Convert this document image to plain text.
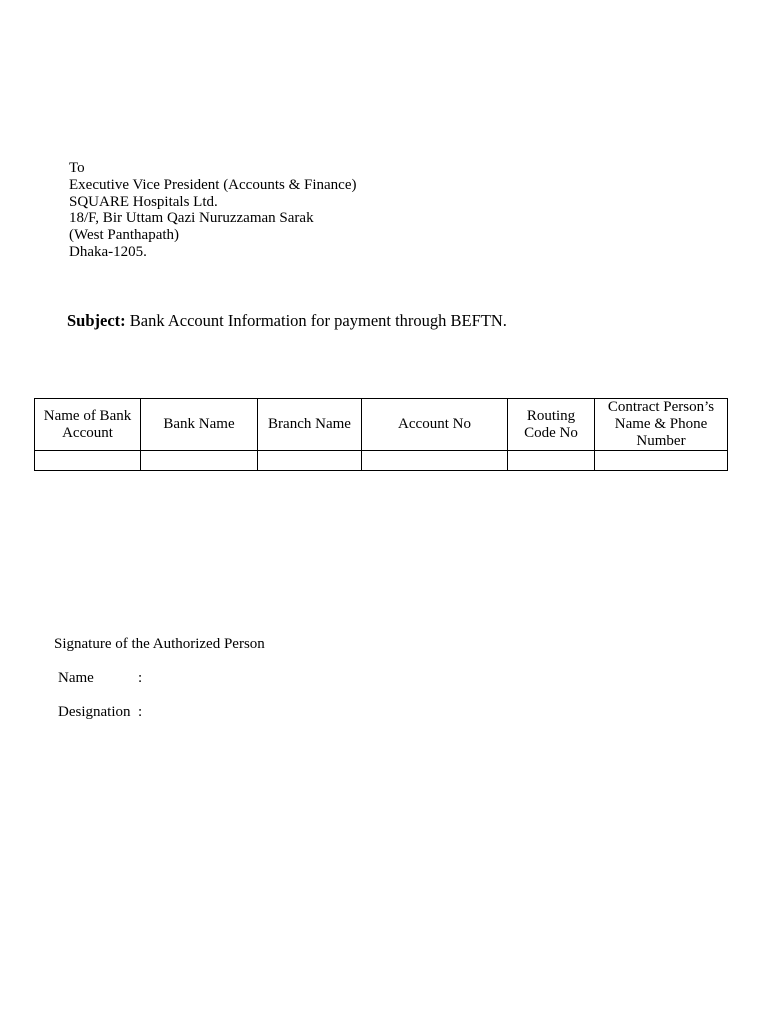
To
Executive Vice President (Accounts & Finance)
SQUARE Hospitals Ltd.
18/F, Bir Uttam Qazi Nuruzzaman Sarak
(West Panthapath)
Dhaka-1205.
Subject: Bank Account Information for payment through BEFTN.
Name of Bank Account	Bank Name	Branch Name	Account No	Routing Code No	Contract Person’s Name & Phone Number

Signature of the Authorized Person
Name	:
Designation :
